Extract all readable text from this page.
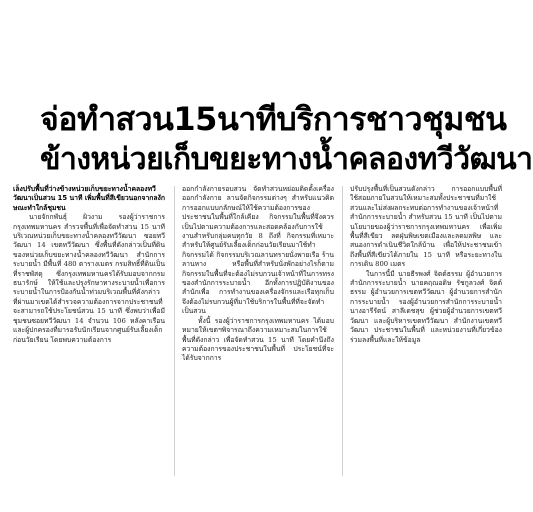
จ่อทำสวน15นาทีบริการชาวชุมชน
ข้างหน่วยเก็บขยะทางน้ำคลองทวีวัฒนา

เล็งปรับพื้นที่ว่างข้างหน่วยเก็บขยะทางน้ำคลองทวีวัฒนาเป็นสวน 15 นาที เพิ่มพื้นที่สีเขียวนอกจากลงักษณะทำใกล้ชุมชน

นายจักกพันธุ์ ผิวงาม รองผู้ว่าราชการกรุงเทพมหานคร สำรวจพื้นที่เพื่อจัดทำสวน 15 นาที บริเวณหน่วยเก็บขยะทางน้ำคลองทวีวัฒนา ซอยทวีวัฒนา 14 เขตทวีวัฒนา ซึ่งพื้นที่ดังกล่าวเป็นที่ดินของหน่วยเก็บขยะทางน้ำคลองทวีวัฒนา สำนักการระบายน้ำ มีพื้นที่ 480 ตารางเมตร กรมสิทธิ์ที่ดินเป็นที่ราชพัสดุ ซึ่งกรุงเทพมหานครได้รับมอบจากกรมธนารักษ์ ให้ใช้และปรุงรักษาทางระบายน้ำเพื่อการระบายน้ำในการป้องกันน้ำท่วมบริเวณพื้นที่ดังกล่าว ที่ผ่านมาเขตได้สำรวจความต้องการจากประชาชนที่จะสามารถใช้ประโยชน์สวน 15 นาที ซึ่งพบว่าเพื่อมีชุมชนซอยทวีวัฒนา 14 จำนวน 106 หลังคาเรือน และผู้ปกครองที่มารอรับนักเรียนจากศูนย์รับเลี้ยงเด็กก่อนวัยเรียน โดยพบความต้องการ

ออกกำลังกายรอบสวน จัดทำสวนหย่อมติดตั้งเครื่องออกกำลังกาย ลานจัดกิจกรรมต่างๆ สำหรับแนวคิดการออกแบบกลักษณ์ให้ใช้ความต้องการของประชาชนในพื้นที่ใกล้เคียง กิจกรรมในพื้นที่จึงควรเป็นไปตามความต้องการและสอดคล้องกับการใช้งานสำหรับกลุ่มคนทุกวัย 8 ถึงที่ กิจกรรมที่เหมาะสำหรับให้ศูนย์รับเลี้ยงเด็กก่อนวัยเรียนมาใช้ทำกิจกรรมได้ กิจกรรมบริเวณลานทรายนั่งพายเรือ ร้านลานหาง หรือพื้นที่สำหรับนั่งพักอย่างไรก็ตามกิจกรรมในพื้นที่จะต้องไม่รบกวนเจ้าหน้าที่ในการทรงของสำนักการระบายน้ำ อีกทั้งการปฏิบัติงานของสำนักเพื่อ การทำงานของเครื่องจักรและเรือทุกเก็บ จึงต้องไม่รบกวนผู้ที่มาใช้บริการในพื้นที่ที่จะจัดทำเป็นสวน

ทั้งนี้ รองผู้ว่าราชการกรุงเทพมหานคร ได้มอบหมายให้เขตฯพิจารณาถึงความเหมาะสมในการใช้พื้นที่ดังกล่าว เพื่อจัดทำสวน 15 นาที โดยคำนึงถึงความต้องการของประชาชนในพื้นที่ ประโยชน์ที่จะได้รับจากการ

ปรับปรุงพื้นที่เป็นสวนดังกล่าว การออกแบบพื้นที่ใช้สอยภายในสวนให้เหมาะสมทั้งประชาชนที่มาใช้สวนและไม่ส่งผลกระทบต่อการทำงานของเจ้าหน้าที่สำนักการระบายน้ำ สำหรับสวน 15 นาที เป็นไปตามนโยบายของผู้ว่าราชการกรุงเทพมหานคร เพื่อเพิ่มพื้นที่สีเขียว ลดฝุ่นพิษเขตเมืองและลดมลพิษ และสนองการดำเนินชีวิตใกล้บ้าน เพื่อให้ประชาชนเข้าถึงพื้นที่สีเขียวได้ภายใน 15 นาที หรือระยะทางในการเดิน 800 เมตร

ในการนี้มี นายธีรพงศ์ จิตต์ธรรม ผู้อำนวยการสำนักการระบายน้ำ นายคฤณอดิษ รัชกูลวงศ์ จิตต์ธรรม ผู้อำนวยการเขตทวีวัฒนา ผู้อำนวยการสำนักการระบายน้ำ รองผู้อำนวยการสำนักการระบายน้ำ นางอารีรัตน์ สาลีเดชสุข ผู้ช่วยผู้อำนวยการเขตทวีวัฒนา และผู้บริหารเขตทวีวัฒนา สำนักงานเขตทวีวัฒนา ประชาชนในพื้นที่ และหน่วยงานที่เกี่ยวข้อง ร่วมลงพื้นที่และให้ข้อมูล
